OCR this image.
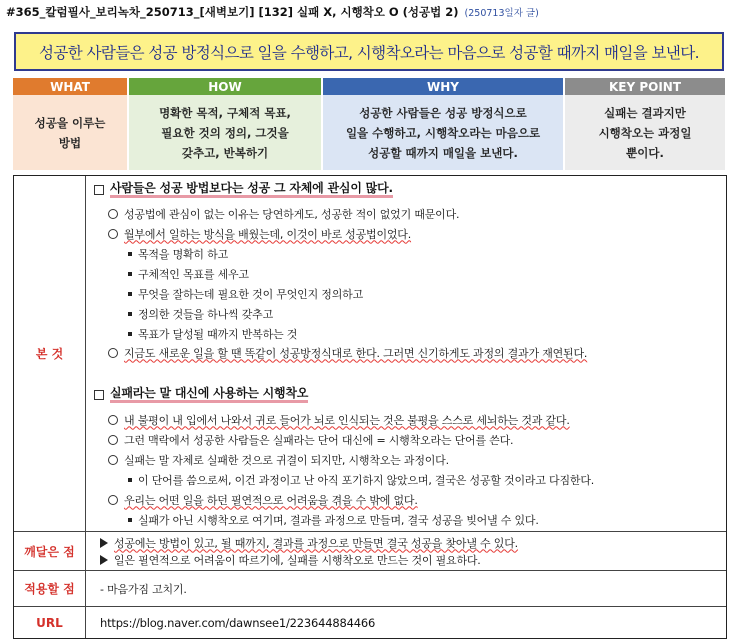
#365_칼럼필사_보리녹차_250713_[새벽보기] [132] 실패 X, 시행착오 O (성공법 2) (250713일자 글)
성공한 사람들은 성공 방정식으로 일을 수행하고, 시행착오라는 마음으로 성공할 때까지 매일을 보낸다.
WHAT
성공을 이루는
방법
HOW
명확한 목적, 구체적 목표,
필요한 것의 정의, 그것을
갖추고, 반복하기
WHY
성공한 사람들은 성공 방정식으로
일을 수행하고, 시행착오라는 마음으로
성공할 때까지 매일을 보낸다.
KEY POINT
실패는 결과지만
시행착오는 과정일
뿐이다.
본 것
사람들은 성공 방법보다는 성공 그 자체에 관심이 많다.
성공법에 관심이 없는 이유는 당연하게도, 성공한 적이 없었기 때문이다.
월부에서 일하는 방식을 배웠는데, 이것이 바로 성공법이었다.
목적을 명확히 하고
구체적인 목표를 세우고
무엇을 잘하는데 필요한 것이 무엇인지 정의하고
정의한 것들을 하나씩 갖추고
목표가 달성될 때까지 반복하는 것
지금도 새로운 일을 할 땐 똑같이 성공방정식대로 한다. 그러면 신기하게도 과정의 결과가 재연된다.
실패라는 말 대신에 사용하는 시행착오
내 불평이 내 입에서 나와서 귀로 들어가 뇌로 인식되는 것은 불평을 스스로 세뇌하는 것과 같다.
그런 맥락에서 성공한 사람들은 실패라는 단어 대신에 = 시행착오라는 단어를 쓴다.
실패는 말 자체로 실패한 것으로 귀결이 되지만, 시행착오는 과정이다.
이 단어를 씀으로써, 이건 과정이고 난 아직 포기하지 않았으며, 결국은 성공할 것이라고 다짐한다.
우리는 어떤 일을 하던 필연적으로 어려움을 겪을 수 밖에 없다.
실패가 아닌 시행착오로 여기며, 결과를 과정으로 만들며, 결국 성공을 빚어낼 수 있다.
깨달은 점
성공에는 방법이 있고, 될 때까지, 결과를 과정으로 만들면 결국 성공을 찾아낼 수 있다.
일은 필연적으로 어려움이 따르기에, 실패를 시행착오로 만드는 것이 필요하다.
적용할 점	- 마음가짐 고치기.
URL	https://blog.naver.com/dawnsee1/223644884466
